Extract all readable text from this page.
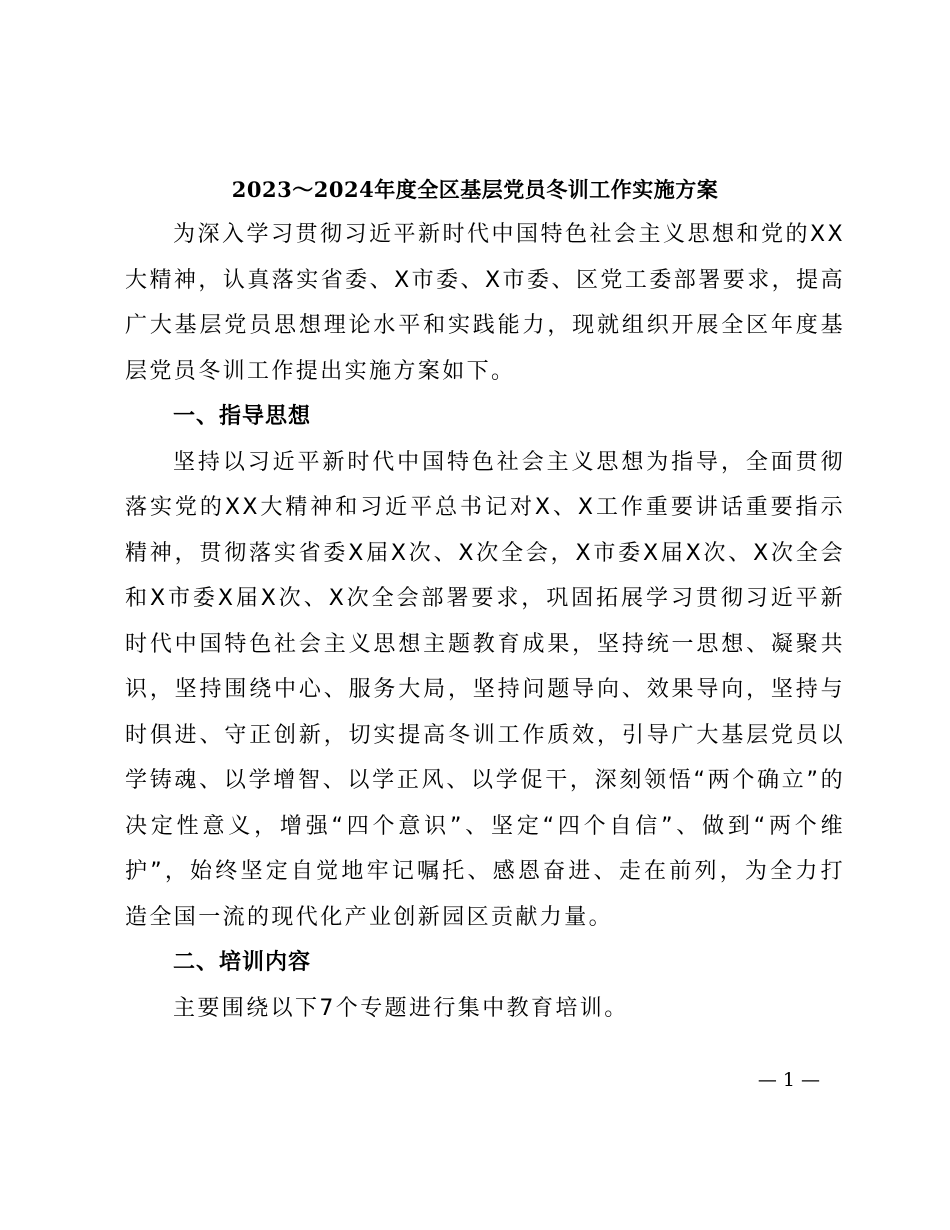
2023～2024年度全区基层党员冬训工作实施方案

为深入学习贯彻习近平新时代中国特色社会主义思想和党的XX大精神，认真落实省委、X市委、X市委、区党工委部署要求，提高广大基层党员思想理论水平和实践能力，现就组织开展全区年度基层党员冬训工作提出实施方案如下。

一、指导思想

坚持以习近平新时代中国特色社会主义思想为指导，全面贯彻落实党的XX大精神和习近平总书记对X、X工作重要讲话重要指示精神，贯彻落实省委X届X次、X次全会，X市委X届X次、X次全会和X市委X届X次、X次全会部署要求，巩固拓展学习贯彻习近平新时代中国特色社会主义思想主题教育成果，坚持统一思想、凝聚共识，坚持围绕中心、服务大局，坚持问题导向、效果导向，坚持与时俱进、守正创新，切实提高冬训工作质效，引导广大基层党员以学铸魂、以学增智、以学正风、以学促干，深刻领悟“两个确立”的决定性意义，增强“四个意识”、坚定“四个自信”、做到“两个维护”，始终坚定自觉地牢记嘱托、感恩奋进、走在前列，为全力打造全国一流的现代化产业创新园区贡献力量。

二、培训内容

主要围绕以下7个专题进行集中教育培训。

— 1 —
